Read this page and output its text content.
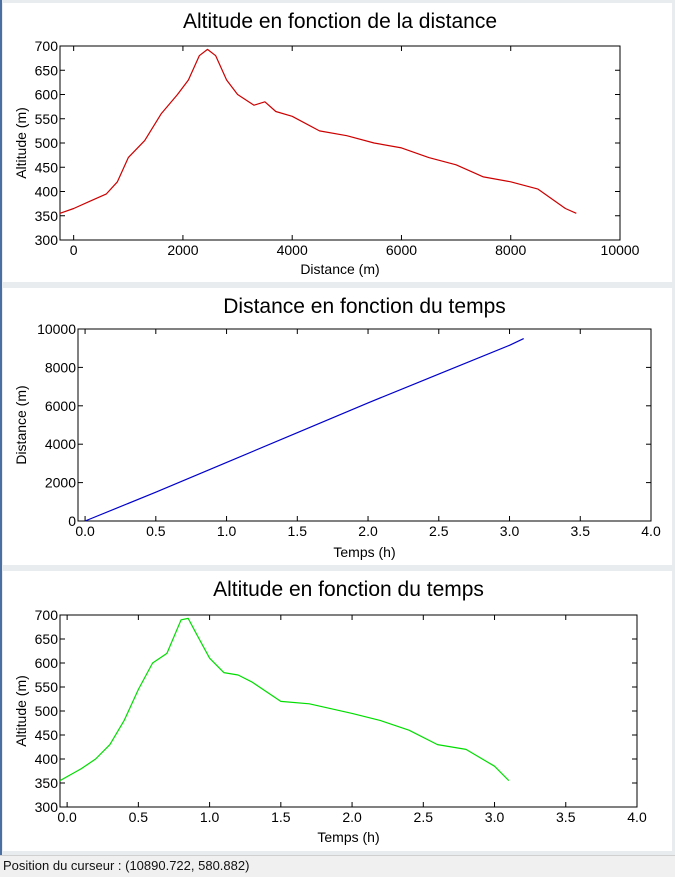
Altitude en fonction de la distance
0	2000	4000	6000	8000	10000
300
350
400
450
500
550
600
650
700
Distance (m)
Altitude (m)
Distance en fonction du temps
0.0	0.5	1.0	1.5	2.0	2.5	3.0	3.5	4.0
0
2000
4000
6000
8000
10000
Temps (h)
Distance (m)
Altitude en fonction du temps
0.0	0.5	1.0	1.5	2.0	2.5	3.0	3.5	4.0
300
350
400
450
500
550
600
650
700
Temps (h)
Altitude (m)
Position du curseur : (10890.722, 580.882)
